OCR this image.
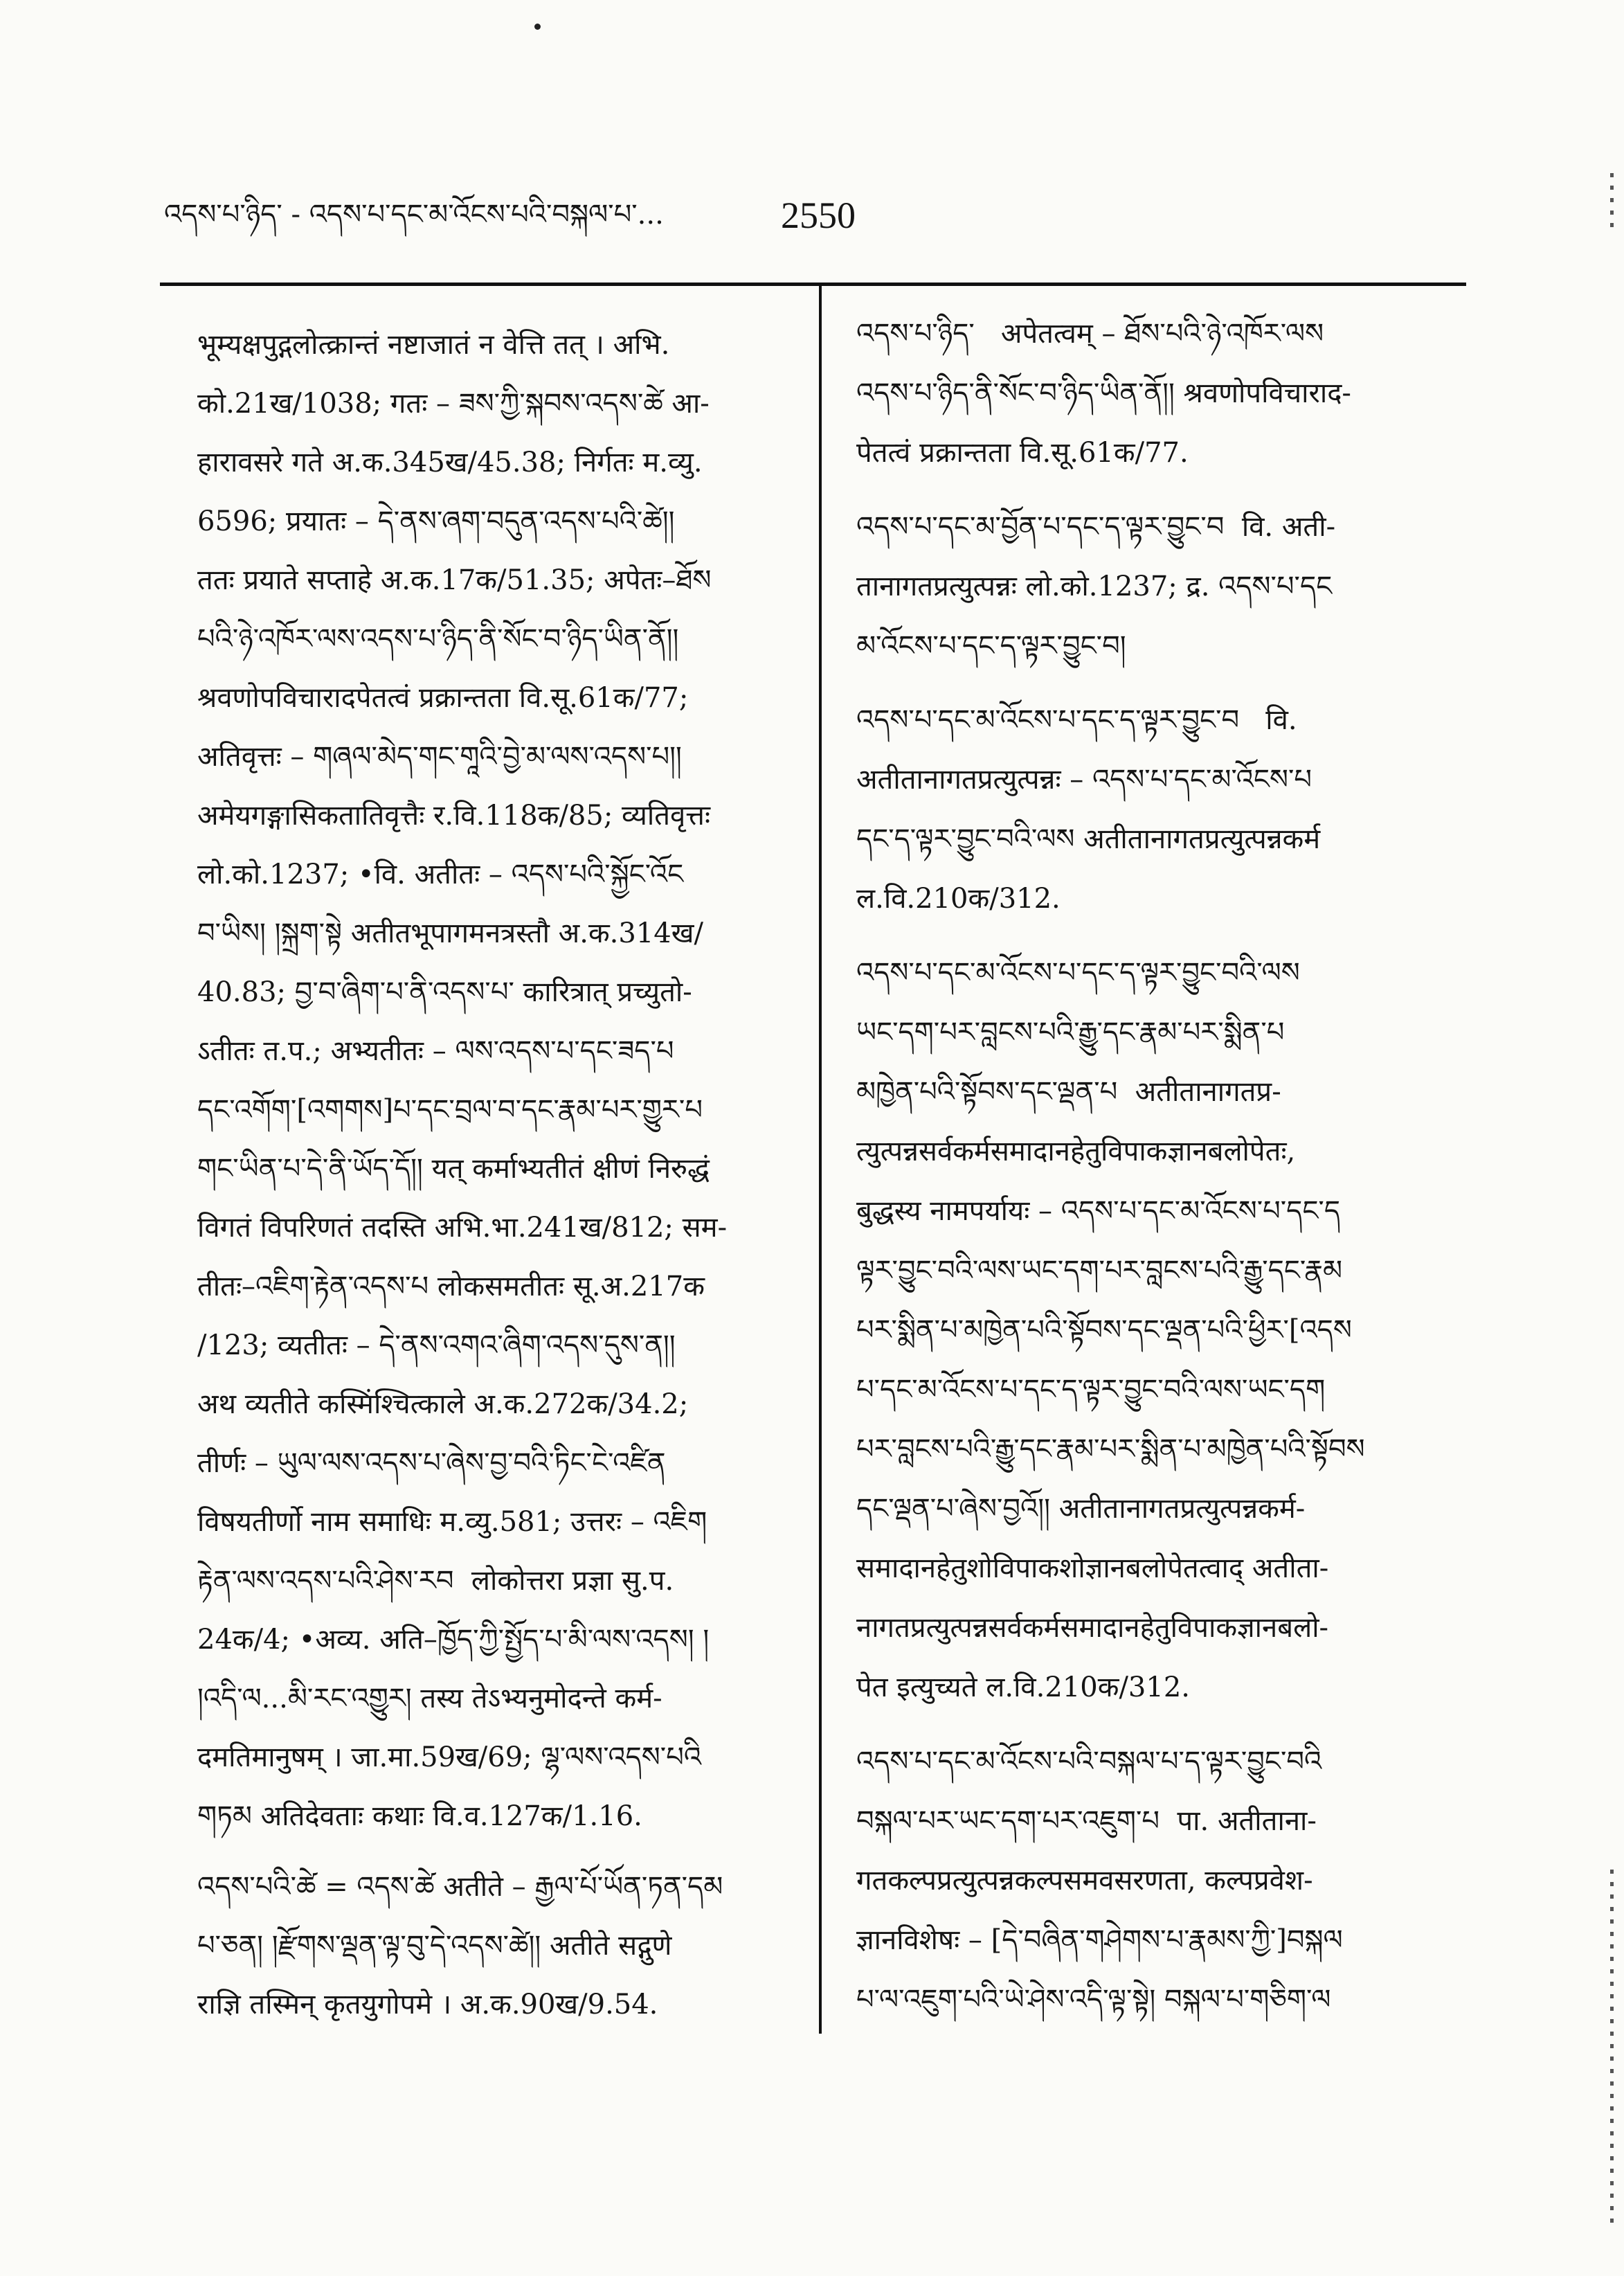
འདས་པ་ཉིད་ - འདས་པ་དང་མ་འོངས་པའི་བསྐལ་པ་...	2550
भूम्यक्षपुद्गलोत्क्रान्तं नष्टाजातं न वेत्ति तत् । अभि.
को.21ख/1038; गतः – ཟས་ཀྱི་སྐབས་འདས་ཚེ आ-
हारावसरे गते अ.क.345ख/45.38; निर्गतः म.व्यु.
6596; प्रयातः – དེ་ནས་ཞག་བདུན་འདས་པའི་ཚེ།།
ततः प्रयाते सप्ताहे अ.क.17क/51.35; अपेतः–ཐོས
པའི་ཉེ་འཁོར་ལས་འདས་པ་ཉིད་ནི་སོང་བ་ཉིད་ཡིན་ནོ།།
श्रवणोपविचारादपेतत्वं प्रक्रान्तता वि.सू.61क/77;
अतिवृत्तः – གཞལ་མེད་གང་གཱའི་བྱེ་མ་ལས་འདས་པ།།
अमेयगङ्गासिकतातिवृत्तैः र.वि.118क/85; व्यतिवृत्तः
लो.को.1237; •वि. अतीतः – འདས་པའི་སྐྱོང་འོང
བ་ཡིས། །སྐྲག་སྟེ अतीतभूपागमनत्रस्तौ अ.क.314ख/
40.83; བྱ་བ་ཞིག་པ་ནི་འདས་པ་ कारित्रात् प्रच्युतो-
ऽतीतः त.प.; अभ्यतीतः – ལས་འདས་པ་དང་ཟད་པ
དང་འགོག་[འགགས]པ་དང་བྲལ་བ་དང་རྣམ་པར་གྱུར་པ
གང་ཡིན་པ་དེ་ནི་ཡོད་དོ།། यत् कर्माभ्यतीतं क्षीणं निरुद्धं
विगतं विपरिणतं तदस्ति अभि.भा.241ख/812; सम-
तीतः–འཇིག་རྟེན་འདས་པ लोकसमतीतः सू.अ.217क
/123; व्यतीतः – དེ་ནས་འགའ་ཞིག་འདས་དུས་ན།།
अथ व्यतीते कस्मिंश्चित्काले अ.क.272क/34.2;
तीर्णः – ཡུལ་ལས་འདས་པ་ཞེས་བྱ་བའི་ཏིང་ངེ་འཛིན
विषयतीर्णो नाम समाधिः म.व्यु.581; उत्तरः – འཇིག
རྟེན་ལས་འདས་པའི་ཤེས་རབ  लोकोत्तरा प्रज्ञा सु.प.
24क/4; •अव्य. अति–ཁྱོད་ཀྱི་སྤྱོད་པ་མི་ལས་འདས། །
།འདི་ལ...མི་རང་འགྱུར། तस्य तेऽभ्यनुमोदन्ते कर्म-
दमतिमानुषम् । जा.मा.59ख/69; ལྷ་ལས་འདས་པའི
གཏམ अतिदेवताः कथाः वि.व.127क/1.16.
འདས་པའི་ཚེ = འདས་ཚེ अतीते – རྒྱལ་པོ་ཡོན་ཏན་དམ
པ་ཅན། །རྫོགས་ལྡན་ལྟ་བུ་དེ་འདས་ཚེ།། अतीते सद्गुणे
राज्ञि तस्मिन् कृतयुगोपमे । अ.क.90ख/9.54.
འདས་པ་ཉིད་   अपेतत्वम् – ཐོས་པའི་ཉེ་འཁོར་ལས
འདས་པ་ཉིད་ནི་སོང་བ་ཉིད་ཡིན་ནོ།། श्रवणोपविचाराद-
पेतत्वं प्रक्रान्तता वि.सू.61क/77.
འདས་པ་དང་མ་བྱོན་པ་དང་ད་ལྟར་བྱུང་བ  वि. अती-
तानागतप्रत्युत्पन्नः लो.को.1237; द्र. འདས་པ་དང
མ་འོངས་པ་དང་ད་ལྟར་བྱུང་བ།
འདས་པ་དང་མ་འོངས་པ་དང་ད་ལྟར་བྱུང་བ   वि.
अतीतानागतप्रत्युत्पन्नः – འདས་པ་དང་མ་འོངས་པ
དང་ད་ལྟར་བྱུང་བའི་ལས अतीतानागतप्रत्युत्पन्नकर्म
ल.वि.210क/312.
འདས་པ་དང་མ་འོངས་པ་དང་ད་ལྟར་བྱུང་བའི་ལས
ཡང་དག་པར་བླངས་པའི་རྒྱུ་དང་རྣམ་པར་སྨིན་པ
མཁྱེན་པའི་སྟོབས་དང་ལྡན་པ  अतीतानागतप्र-
त्युत्पन्नसर्वकर्मसमादानहेतुविपाकज्ञानबलोपेतः,
बुद्धस्य नामपर्यायः – འདས་པ་དང་མ་འོངས་པ་དང་ད
ལྟར་བྱུང་བའི་ལས་ཡང་དག་པར་བླངས་པའི་རྒྱུ་དང་རྣམ
པར་སྨིན་པ་མཁྱེན་པའི་སྟོབས་དང་ལྡན་པའི་ཕྱིར་[འདས
པ་དང་མ་འོངས་པ་དང་ད་ལྟར་བྱུང་བའི་ལས་ཡང་དག
པར་བླངས་པའི་རྒྱུ་དང་རྣམ་པར་སྨིན་པ་མཁྱེན་པའི་སྟོབས
དང་ལྡན་པ་ཞེས་བྱའོ།། अतीतानागतप्रत्युत्पन्नकर्म-
समादानहेतुशोविपाकशोज्ञानबलोपेतत्वाद् अतीता-
नागतप्रत्युत्पन्नसर्वकर्मसमादानहेतुविपाकज्ञानबलो-
पेत इत्युच्यते ल.वि.210क/312.
འདས་པ་དང་མ་འོངས་པའི་བསྐལ་པ་ད་ལྟར་བྱུང་བའི
བསྐལ་པར་ཡང་དག་པར་འཇུག་པ  पा. अतीताना-
गतकल्पप्रत्युत्पन्नकल्पसमवसरणता, कल्पप्रवेश-
ज्ञानविशेषः – [དེ་བཞིན་གཤེགས་པ་རྣམས་ཀྱི་]བསྐལ
པ་ལ་འཇུག་པའི་ཡེ་ཤེས་འདི་ལྟ་སྟེ། བསྐལ་པ་གཅིག་ལ
